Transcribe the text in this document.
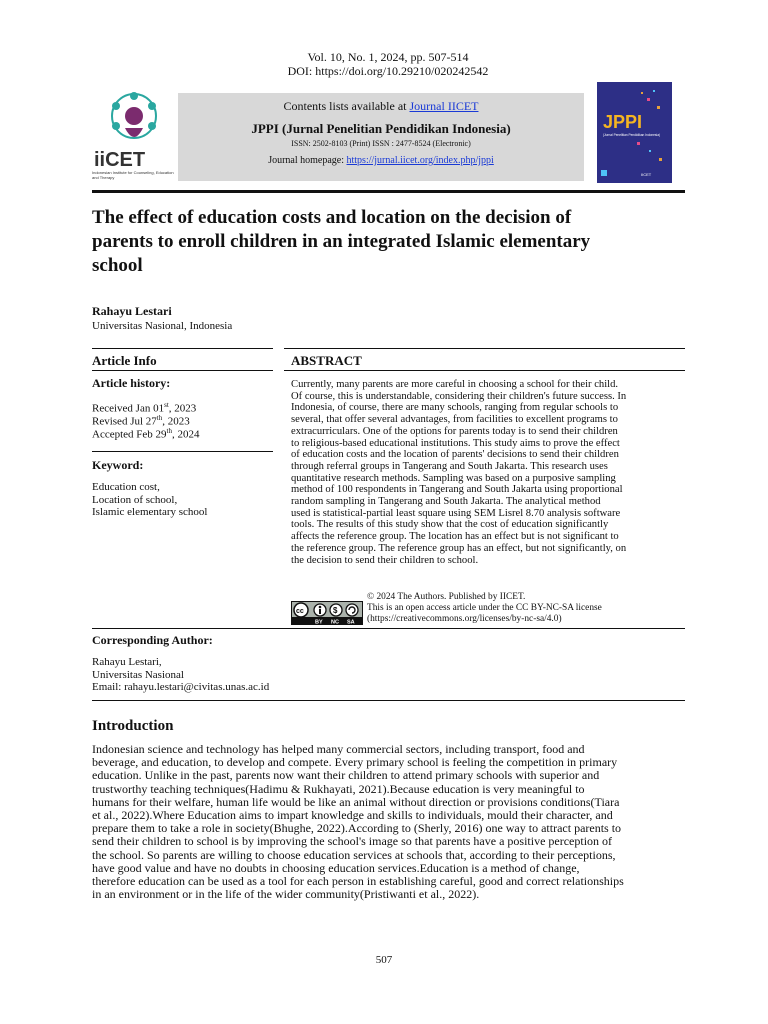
Vol. 10, No. 1, 2024, pp. 507-514
DOI: https://doi.org/10.29210/020242542
iiCET
Indonesian Institute for Counseling, Education and Therapy
Contents lists available at Journal IICET
JPPI (Jurnal Penelitian Pendidikan Indonesia)
ISSN: 2502-8103 (Print) ISSN : 2477-8524 (Electronic)
Journal homepage: https://jurnal.iicet.org/index.php/jppi
JPPI
(Jurnal Penelitian Pendidikan Indonesia)
IICET
The effect of education costs and location on the decision of
parents to enroll children in an integrated Islamic elementary
school
Rahayu Lestari
Universitas Nasional, Indonesia
Article Info
Article history:
Received Jan 01st, 2023
Revised Jul 27th, 2023
Accepted Feb 29th, 2024
Keyword:
Education cost,
Location of school,
Islamic elementary school
ABSTRACT
Currently, many parents are more careful in choosing a school for their child.
Of course, this is understandable, considering their children's future success. In
Indonesia, of course, there are many schools, ranging from regular schools to
several, that offer several advantages, from facilities to excellent programs to
extracurriculars. One of the options for parents today is to send their children
to religious-based educational institutions. This study aims to prove the effect
of education costs and the location of parents' decisions to send their children
through referral groups in Tangerang and South Jakarta. This research uses
quantitative research methods. Sampling was based on a purposive sampling
method of 100 respondents in Tangerang and South Jakarta using proportional
random sampling in Tangerang and South Jakarta. The analytical method
used is statistical-partial least square using SEM Lisrel 8.70 analysis software
tools. The results of this study show that the cost of education significantly
affects the reference group. The location has an effect but is not significant to
the reference group. The reference group has an effect, but not significantly, on
the decision to send their children to school.
cc	$
BY NC SA
© 2024 The Authors. Published by IICET.
This is an open access article under the CC BY-NC-SA license
(https://creativecommons.org/licenses/by-nc-sa/4.0)
Corresponding Author:
Rahayu Lestari,
Universitas Nasional
Email: rahayu.lestari@civitas.unas.ac.id
Introduction
Indonesian science and technology has helped many commercial sectors, including transport, food and
beverage, and education, to develop and compete. Every primary school is feeling the competition in primary
education. Unlike in the past, parents now want their children to attend primary schools with superior and
trustworthy teaching techniques(Hadimu & Rukhayati, 2021).Because education is very meaningful to
humans for their welfare, human life would be like an animal without direction or provisions conditions(Tiara
et al., 2022).Where Education aims to impart knowledge and skills to individuals, mould their character, and
prepare them to take a role in society(Bhughe, 2022).According to (Sherly, 2016) one way to attract parents to
send their children to school is by improving the school's image so that parents have a positive perception of
the school. So parents are willing to choose education services at schools that, according to their perceptions,
have good value and have no doubts in choosing education services.Education is a method of change,
therefore education can be used as a tool for each person in establishing careful, good and correct relationships
in an environment or in the life of the wider community(Pristiwanti et al., 2022).
507
